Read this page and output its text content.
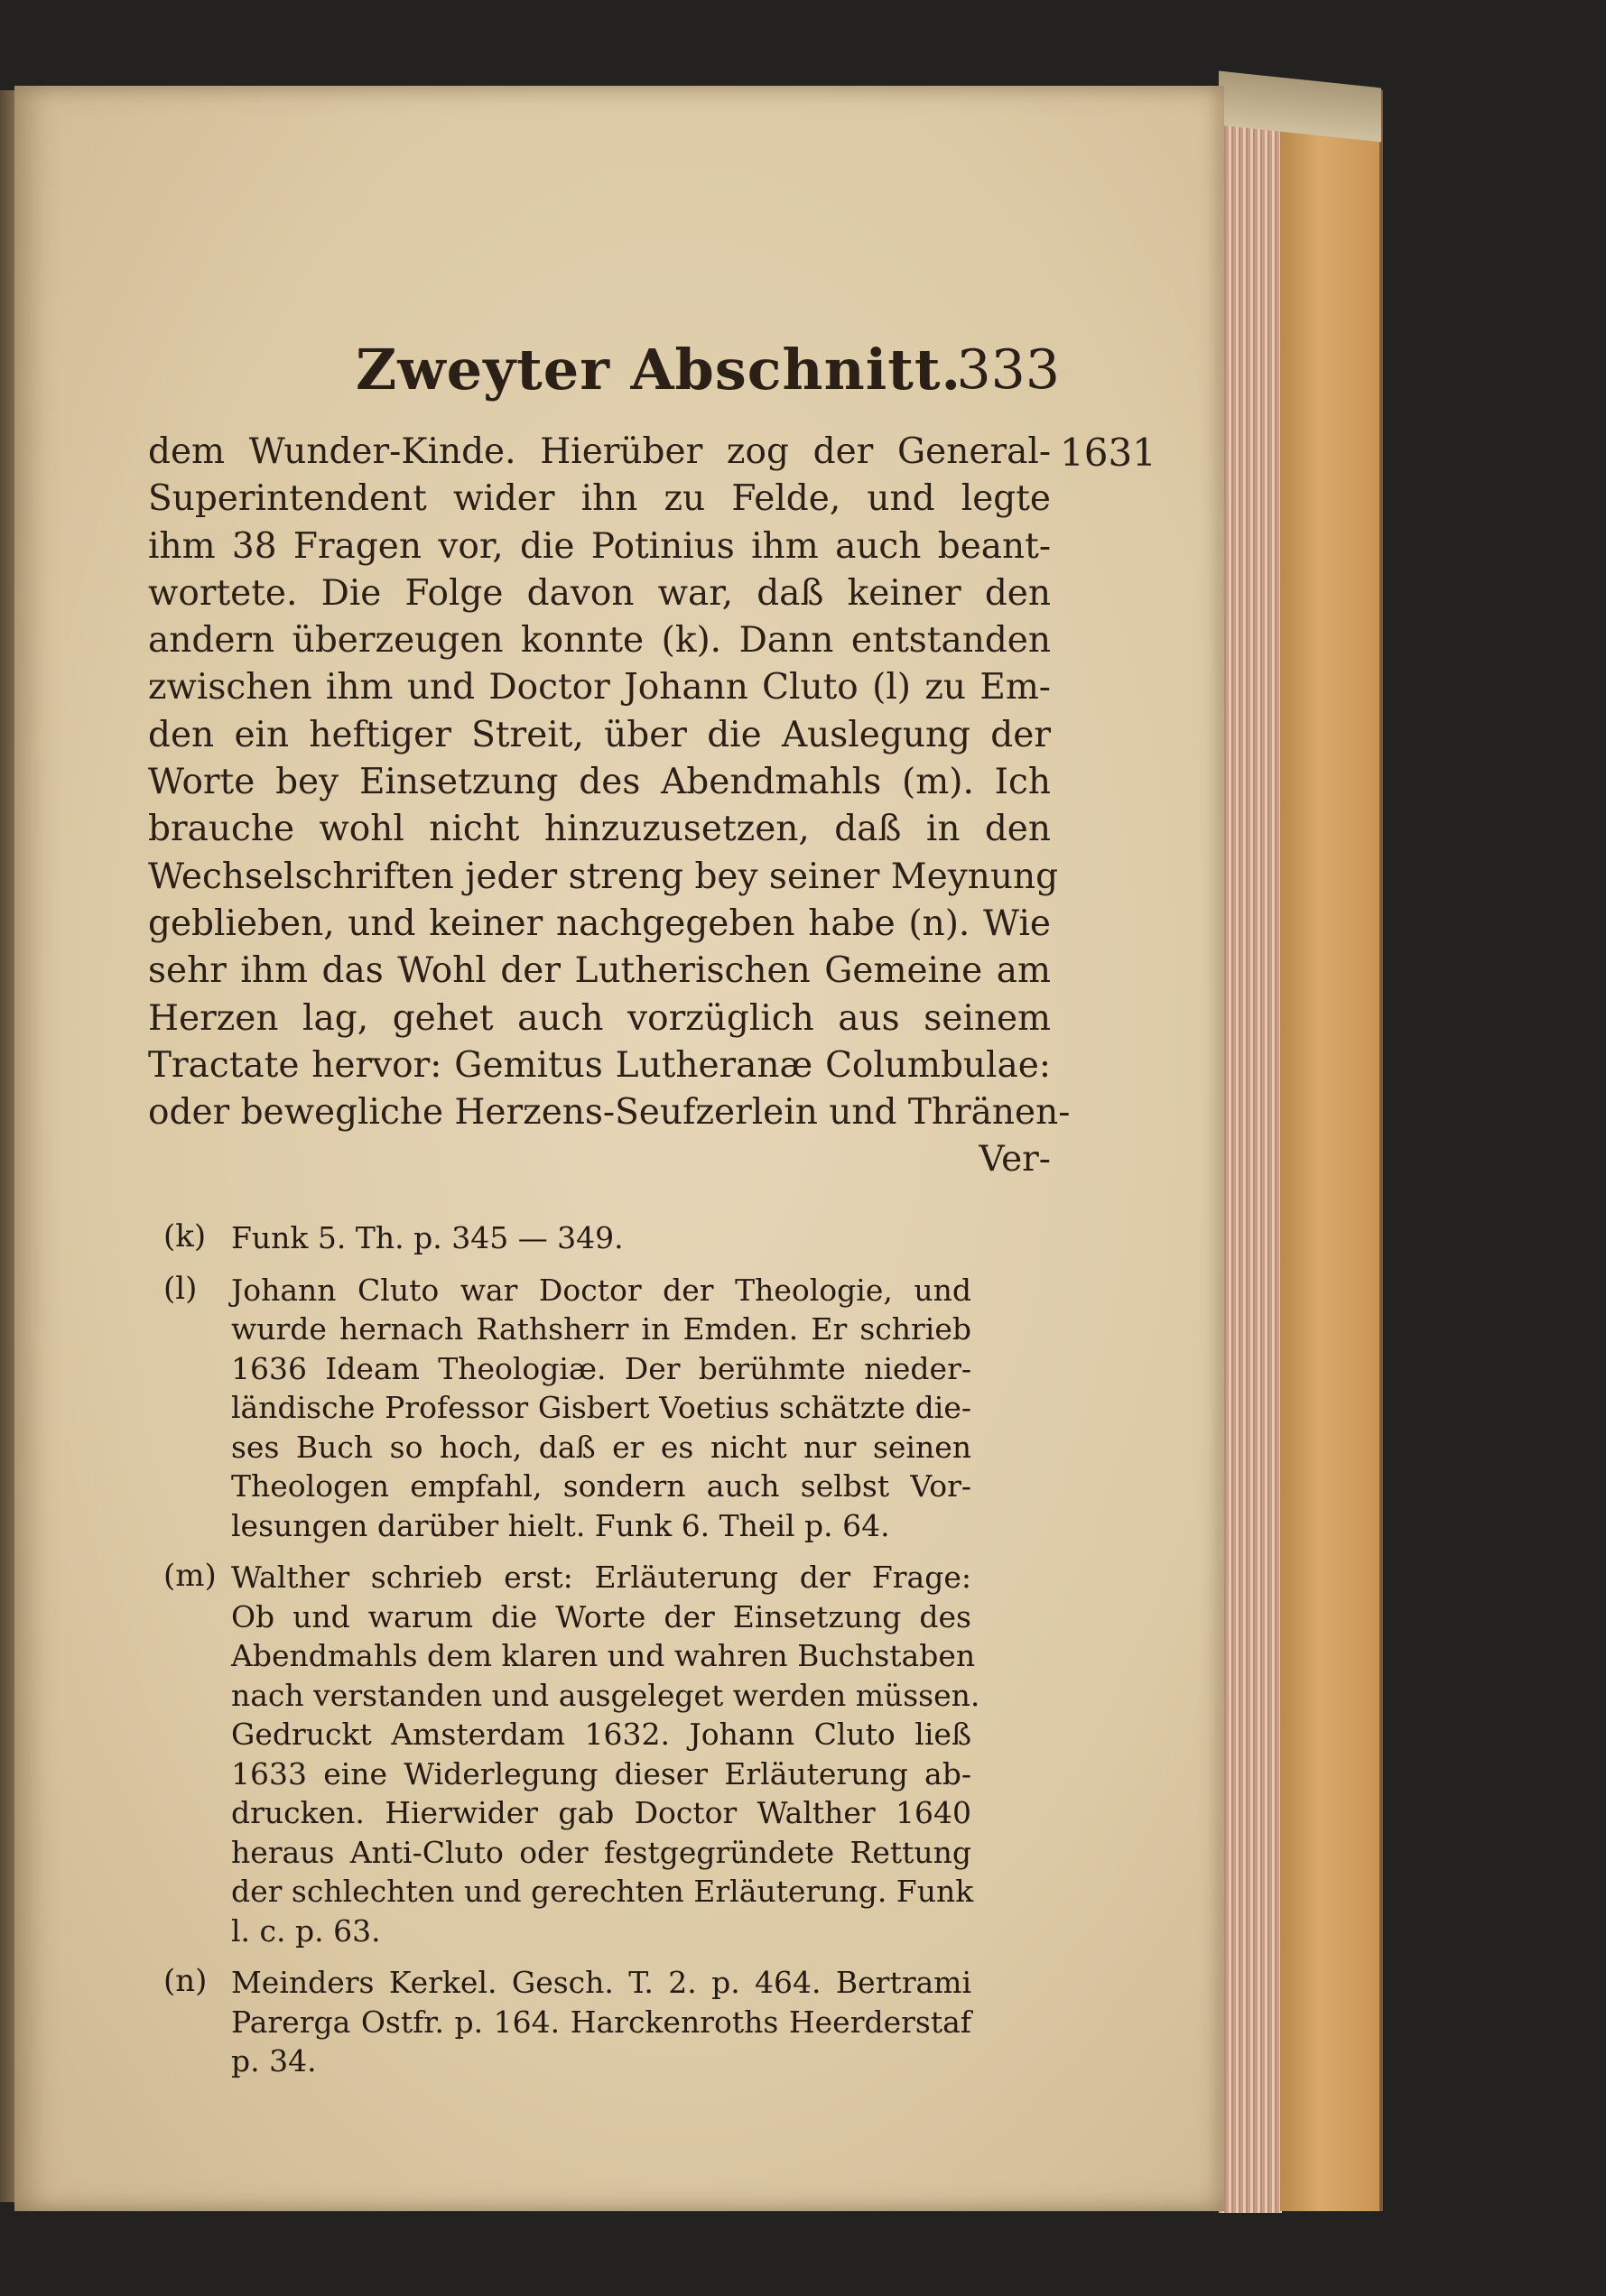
Zweyter Abschnitt.
333
1631
dem Wunder-Kinde. Hierüber zog der General-
Superintendent wider ihn zu Felde, und legte
ihm 38 Fragen vor, die Potinius ihm auch beant-
wortete. Die Folge davon war, daß keiner den
andern überzeugen konnte (k). Dann entstanden
zwischen ihm und Doctor Johann Cluto (l) zu Em-
den ein heftiger Streit, über die Auslegung der
Worte bey Einsetzung des Abendmahls (m). Ich
brauche wohl nicht hinzuzusetzen, daß in den
Wechselschriften jeder streng bey seiner Meynung
geblieben, und keiner nachgegeben habe (n). Wie
sehr ihm das Wohl der Lutherischen Gemeine am
Herzen lag, gehet auch vorzüglich aus seinem
Tractate hervor: Gemitus Lutheranæ Columbulae:
oder bewegliche Herzens-Seufzerlein und Thränen-
Ver-
(k) Funk 5. Th. p. 345 — 349.
(l)	Johann Cluto war Doctor der Theologie, und
wurde hernach Rathsherr in Emden. Er schrieb
1636 Ideam Theologiæ. Der berühmte nieder-
ländische Professor Gisbert Voetius schätzte die-
ses Buch so hoch, daß er es nicht nur seinen
Theologen empfahl, sondern auch selbst Vor-
lesungen darüber hielt. Funk 6. Theil p. 64.
(m) Walther schrieb erst: Erläuterung der Frage:
Ob und warum die Worte der Einsetzung des
Abendmahls dem klaren und wahren Buchstaben
nach verstanden und ausgeleget werden müssen.
Gedruckt Amsterdam 1632. Johann Cluto ließ
1633 eine Widerlegung dieser Erläuterung ab-
drucken. Hierwider gab Doctor Walther 1640
heraus Anti-Cluto oder festgegründete Rettung
der schlechten und gerechten Erläuterung. Funk
l. c. p. 63.
(n) Meinders Kerkel. Gesch. T. 2. p. 464. Bertrami
Parerga Ostfr. p. 164. Harckenroths Heerderstaf
p. 34.
